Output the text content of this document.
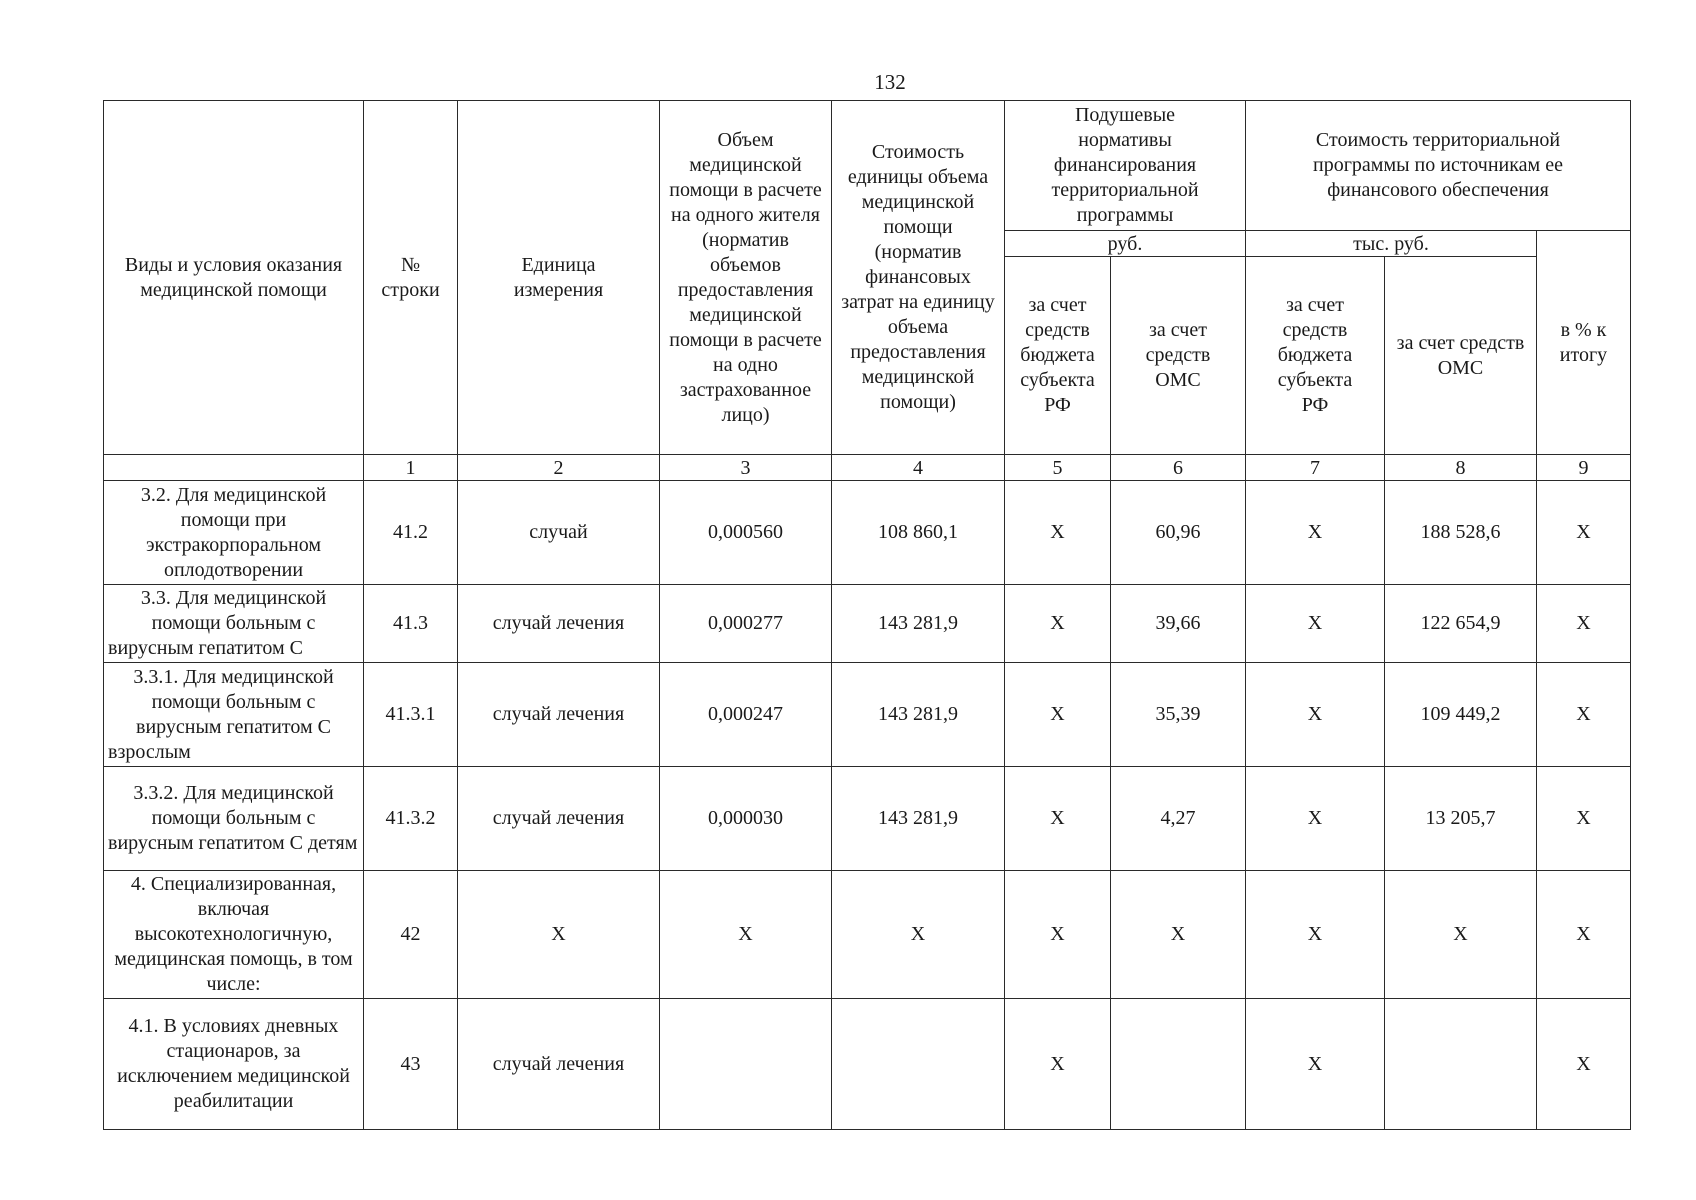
132
Виды и условия оказания медицинской помощи	№ строки	Единица измерения	Объем медицинской помощи в расчете на одного жителя (норматив объемов предоставления медицинской помощи в расчете на одно застрахованное лицо)	Стоимость единицы объема медицинской помощи (норматив финансовых затрат на единицу объема предоставления медицинской помощи)	Подушевые нормативы финансирования территориальной программы		Стоимость территориальной программы по источникам ее финансового обеспечения		
					руб.		тыс. руб.		в % к итогу
					за счет средств бюджета субъекта РФ	за счет средств ОМС	за счет средств бюджета субъекта РФ	за счет средств ОМС	
	1	2	3	4	5	6	7	8	9
3.2. Для медицинской помощи при экстракорпоральном оплодотворении	41.2	случай	0,000560	108 860,1	Х	60,96	Х	188 528,6	Х
3.3. Для медицинской помощи больным с вирусным гепатитом С	41.3	случай лечения	0,000277	143 281,9	Х	39,66	Х	122 654,9	Х
3.3.1. Для медицинской помощи больным с вирусным гепатитом С взрослым	41.3.1	случай лечения	0,000247	143 281,9	Х	35,39	Х	109 449,2	Х
3.3.2. Для медицинской помощи больным с вирусным гепатитом С детям	41.3.2	случай лечения	0,000030	143 281,9	Х	4,27	Х	13 205,7	Х
4. Специализированная, включая высокотехнологичную, медицинская помощь, в том числе:	42	Х	Х	Х	Х	Х	Х	Х	Х
4.1. В условиях дневных стационаров, за исключением медицинской реабилитации	43	случай лечения			Х		Х		Х
